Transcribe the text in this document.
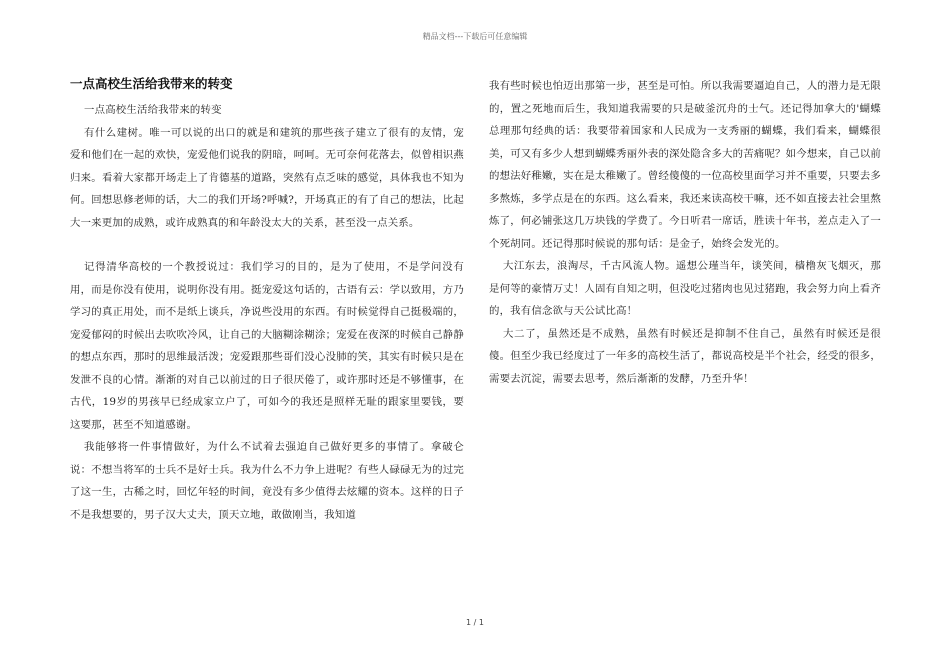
精品文档---下载后可任意编辑
一点高校生活给我带来的转变

一点高校生活给我带来的转变

有什么建树。唯一可以说的出口的就是和建筑的那些孩子建立了很有的友情，宠爱和他们在一起的欢快，宠爱他们说我的阴暗，呵呵。无可奈何花落去，似曾相识燕归来。看着大家都开场走上了肯德基的道路，突然有点乏味的感觉，具体我也不知为何。回想思修老师的话，大二的我们开场?呼喊?，开场真正的有了自己的想法，比起大一来更加的成熟，或许成熟真的和年龄没太大的关系，甚至没一点关系。

记得清华高校的一个教授说过：我们学习的目的，是为了使用，不是学问没有用，而是你没有使用，说明你没有用。挺宠爱这句话的，古语有云：学以致用，方乃学习的真正用处，而不是纸上谈兵，净说些没用的东西。有时候觉得自己挺极端的，宠爱郁闷的时候出去吹吹冷风，让自己的大脑糊涂糊涂；宠爱在夜深的时候自己静静的想点东西，那时的思维最活泼；宠爱跟那些哥们没心没肺的笑，其实有时候只是在发泄不良的心情。渐渐的对自己以前过的日子很厌倦了，或许那时还是不够懂事，在古代，19岁的男孩早已经成家立户了，可如今的我还是照样无耻的跟家里要钱，要这要那，甚至不知道感谢。

我能够将一件事情做好，为什么不试着去强迫自己做好更多的事情了。拿破仑说：不想当将军的士兵不是好士兵。我为什么不力争上进呢？有些人碌碌无为的过完了这一生，古稀之时，回忆年轻的时间，竟没有多少值得去炫耀的资本。这样的日子不是我想要的，男子汉大丈夫，顶天立地，敢做刚当，我知道

我有些时候也怕迈出那第一步，甚至是可怕。所以我需要逼迫自己，人的潜力是无限的，置之死地而后生，我知道我需要的只是破釜沉舟的士气。还记得加拿大的'蝴蝶总理那句经典的话：我要带着国家和人民成为一支秀丽的蝴蝶，我们看来，蝴蝶很美，可又有多少人想到蝴蝶秀丽外表的深处隐含多大的苦痛呢？如今想来，自己以前的想法好稚嫩，实在是太稚嫩了。曾经傻傻的一位高校里面学习并不重要，只要去多多熬炼，多学点是在的东西。这么看来，我还来读高校干嘛，还不如直接去社会里熬炼了，何必铺张这几万块钱的学费了。今日听君一席话，胜读十年书，差点走入了一个死胡同。还记得那时候说的那句话：是金子，始终会发光的。

大江东去，浪淘尽，千古风流人物。遥想公瑾当年，谈笑间，樯橹灰飞烟灭，那是何等的豪情万丈！人固有自知之明，但没吃过猪肉也见过猪跑，我会努力向上看齐的，我有信念欲与天公试比高！

大二了，虽然还是不成熟，虽然有时候还是抑制不住自己，虽然有时候还是很傻。但至少我已经度过了一年多的高校生活了，都说高校是半个社会，经受的很多，需要去沉淀，需要去思考，然后渐渐的发酵，乃至升华！

1 / 1
